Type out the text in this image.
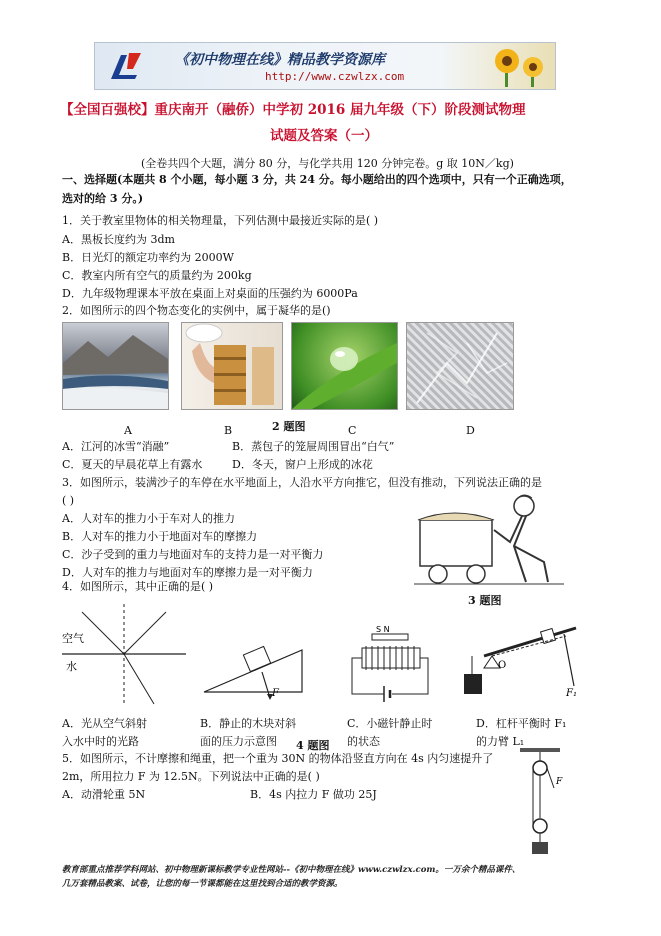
《初中物理在线》精品教学资源库
http://www.czwlzx.com
【全国百强校】重庆南开（融侨）中学初 2016 届九年级（下）阶段测试物理
试题及答案（一）
(全卷共四个大题，满分 80 分，与化学共用 120 分钟完卷。g 取 10N／kg)
一、选择题(本题共 8 个小题，每小题 3 分，共 24 分。每小题给出的四个选项中，只有一个正确选项，
选对的给 3 分。)
1．关于教室里物体的相关物理量，下列估测中最接近实际的是( )
A．黑板长度约为 3dm
B．日光灯的额定功率约为 2000W
C．教室内所有空气的质量约为 200kg
D．九年级物理课本平放在桌面上对桌面的压强约为 6000Pa
2．如图所示的四个物态变化的实例中，属于凝华的是()
A	B	2 题图	C	D
A．江河的冰雪“消融”	B．蒸包子的笼屉周围冒出“白气”
C．夏天的早晨花草上有露水	D．冬天，窗户上形成的冰花
3．如图所示，装满沙子的车停在水平地面上，人沿水平方向推它，但没有推动，下列说法正确的是
( )
A．人对车的推力小于车对人的推力
B．人对车的推力小于地面对车的摩擦力
C．沙子受到的重力与地面对车的支持力是一对平衡力
D．人对车的推力与地面对车的摩擦力是一对平衡力
3 题图
4．如图所示，其中正确的是( )
空气
水
F
S N
O
F₁
A．光从空气斜射
入水中时的光路
B．静止的木块对斜
面的压力示意图
C．小磁针静止时
的状态
D．杠杆平衡时 F₁
的力臂 L₁
4 题图
5．如图所示，不计摩擦和绳重，把一个重为 30N 的物体沿竖直方向在 4s 内匀速提升了
2m，所用拉力 F 为 12.5N。下列说法中正确的是( )
A．动滑轮重 5N	B．4s 内拉力 F 做功 25J
F
教育部重点推荐学科网站、初中物理新课标教学专业性网站--《初中物理在线》www.czwlzx.com。一万余个精品课件、
几万套精品教案、试卷，让您的每一节课都能在这里找到合适的教学资源。
